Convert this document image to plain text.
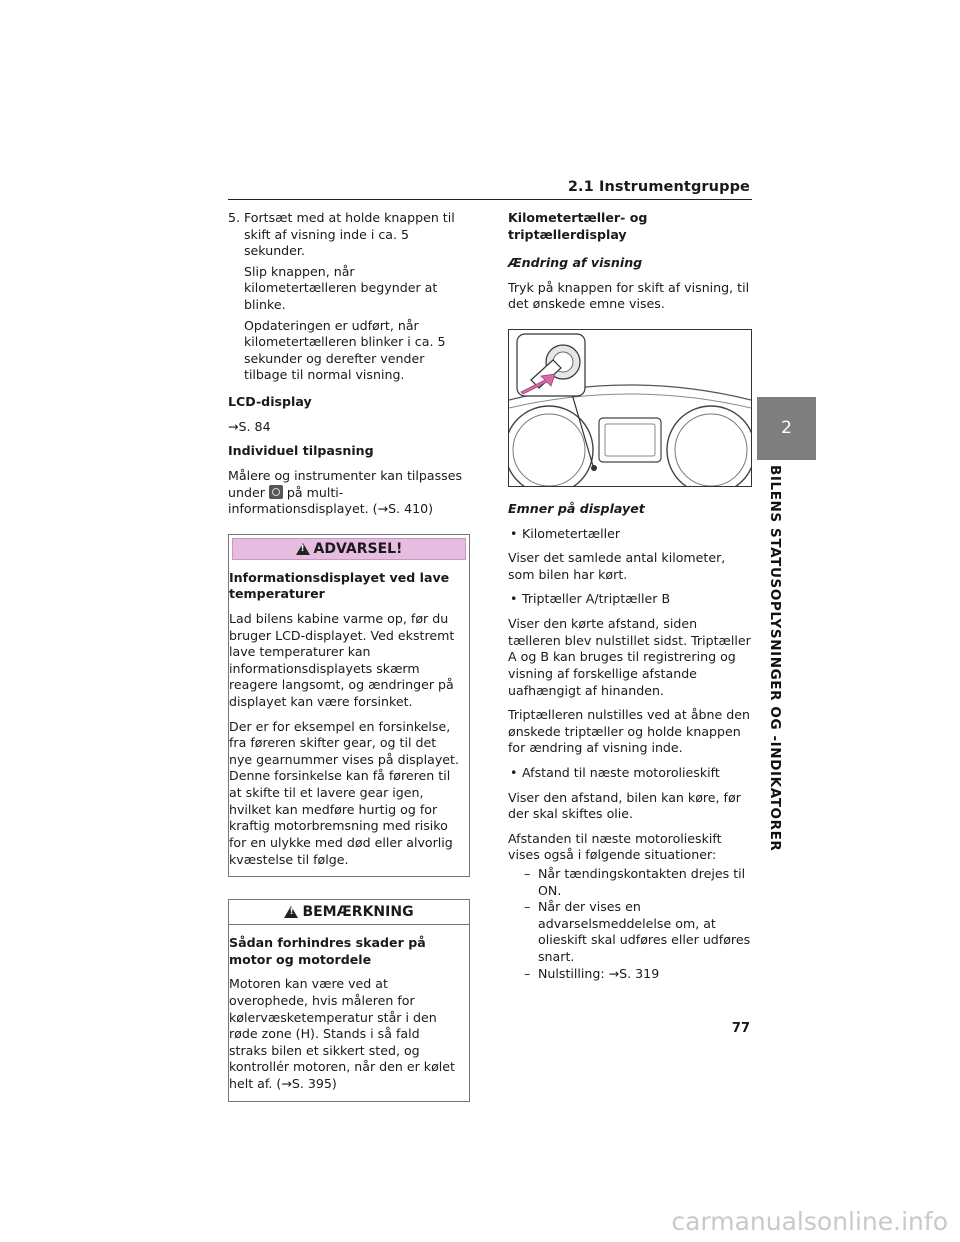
2.1 Instrumentgruppe
2
BILENS STATUSOPLYSNINGER OG -INDIKATORER
5. Fortsæt med at holde knappen til skift af visning inde i ca. 5 sekunder.
Slip knappen, når kilometertælleren begynder at blinke.
Opdateringen er udført, når kilometertælleren blinker i ca. 5 sekunder og derefter vender tilbage til normal visning.

LCD-display

→S. 84

Individuel tilpasning

Målere og instrumenter kan tilpasses under på multi-informationsdisplayet. (→S. 410)

!
ADVARSEL!

Informationsdisplayet ved lave temperaturer

Lad bilens kabine varme op, før du bruger LCD-displayet. Ved ekstremt lave temperaturer kan informationsdisplayets skærm reagere langsomt, og ændringer på displayet kan være forsinket.

Der er for eksempel en forsinkelse, fra føreren skifter gear, og til det nye gearnummer vises på displayet. Denne forsinkelse kan få føreren til at skifte til et lavere gear igen, hvilket kan medføre hurtig og for kraftig motorbremsning med risiko for en ulykke med død eller alvorlig kvæstelse til følge.

!
BEMÆRKNING

Sådan forhindres skader på motor og motordele

Motoren kan være ved at overophede, hvis måleren for kølervæsketemperatur står i den røde zone (H). Stands i så fald straks bilen et sikkert sted, og kontrollér motoren, når den er kølet helt af. (→S. 395)

Kilometertæller- og triptællerdisplay

Ændring af visning

Tryk på knappen for skift af visning, til det ønskede emne vises.

Emner på displayet

• Kilometertæller

Viser det samlede antal kilometer, som bilen har kørt.

• Triptæller A/triptæller B

Viser den kørte afstand, siden tælleren blev nulstillet sidst. Triptæller A og B kan bruges til registrering og visning af forskellige afstande uafhængigt af hinanden.

Triptælleren nulstilles ved at åbne den ønskede triptæller og holde knappen for ændring af visning inde.

• Afstand til næste motorolieskift

Viser den afstand, bilen kan køre, før der skal skiftes olie.

Afstanden til næste motorolieskift vises også i følgende situationer:

– Når tændingskontakten drejes til ON.
– Når der vises en advarselsmeddelelse om, at olieskift skal udføres eller udføres snart.
– Nulstilling: →S. 319
77
carmanualsonline.info
